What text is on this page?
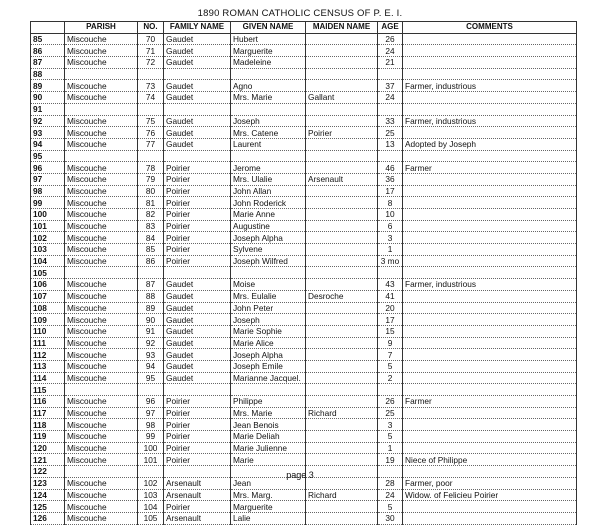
1890 ROMAN CATHOLIC CENSUS OF P. E. I.
	PARISH	NO.	FAMILY NAME	GIVEN NAME	MAIDEN NAME	AGE	COMMENTS
85	Miscouche	70	Gaudet	Hubert		26	
86	Miscouche	71	Gaudet	Marguerite		24	
87	Miscouche	72	Gaudet	Madeleine		21	
88							
89	Miscouche	73	Gaudet	Agno		37	Farmer, industrious
90	Miscouche	74	Gaudet	Mrs. Marie	Gallant	24	
91							
92	Miscouche	75	Gaudet	Joseph		33	Farmer, industrious
93	Miscouche	76	Gaudet	Mrs. Catene	Poirier	25	
94	Miscouche	77	Gaudet	Laurent		13	Adopted by Joseph
95							
96	Miscouche	78	Poirier	Jerome		46	Farmer
97	Miscouche	79	Poirier	Mrs. Ulalie	Arsenault	36	
98	Miscouche	80	Poirier	John Allan		17	
99	Miscouche	81	Poirier	John Roderick		8	
100	Miscouche	82	Poirier	Marie Anne		10	
101	Miscouche	83	Poirier	Augustine		6	
102	Miscouche	84	Poirier	Joseph Alpha		3	
103	Miscouche	85	Poirier	Sylvene		1	
104	Miscouche	86	Poirier	Joseph Wilfred		3 mo	
105							
106	Miscouche	87	Gaudet	Moise		43	Farmer, industrious
107	Miscouche	88	Gaudet	Mrs. Eulalie	Desroche	41	
108	Miscouche	89	Gaudet	John Peter		20	
109	Miscouche	90	Gaudet	Joseph		17	
110	Miscouche	91	Gaudet	Marie Sophie		15	
111	Miscouche	92	Gaudet	Marie Alice		9	
112	Miscouche	93	Gaudet	Joseph Alpha		7	
113	Miscouche	94	Gaudet	Joseph Emile		5	
114	Miscouche	95	Gaudet	Marianne Jacquel.		2	
115							
116	Miscouche	96	Poirier	Philippe		26	Farmer
117	Miscouche	97	Poirier	Mrs. Marie	Richard	25	
118	Miscouche	98	Poirier	Jean Benois		3	
119	Miscouche	99	Poirier	Marie Deliah		5	
120	Miscouche	100	Poirier	Marie Julienne		1	
121	Miscouche	101	Poirier	Marie		19	Niece of Philippe
122							
123	Miscouche	102	Arsenault	Jean		28	Farmer, poor
124	Miscouche	103	Arsenault	Mrs. Marg.	Richard	24	Widow. of Felicieu Poirier
125	Miscouche	104	Poirier	Marguerite		5	
126	Miscouche	105	Arsenault	Lalie		30	
page 3
